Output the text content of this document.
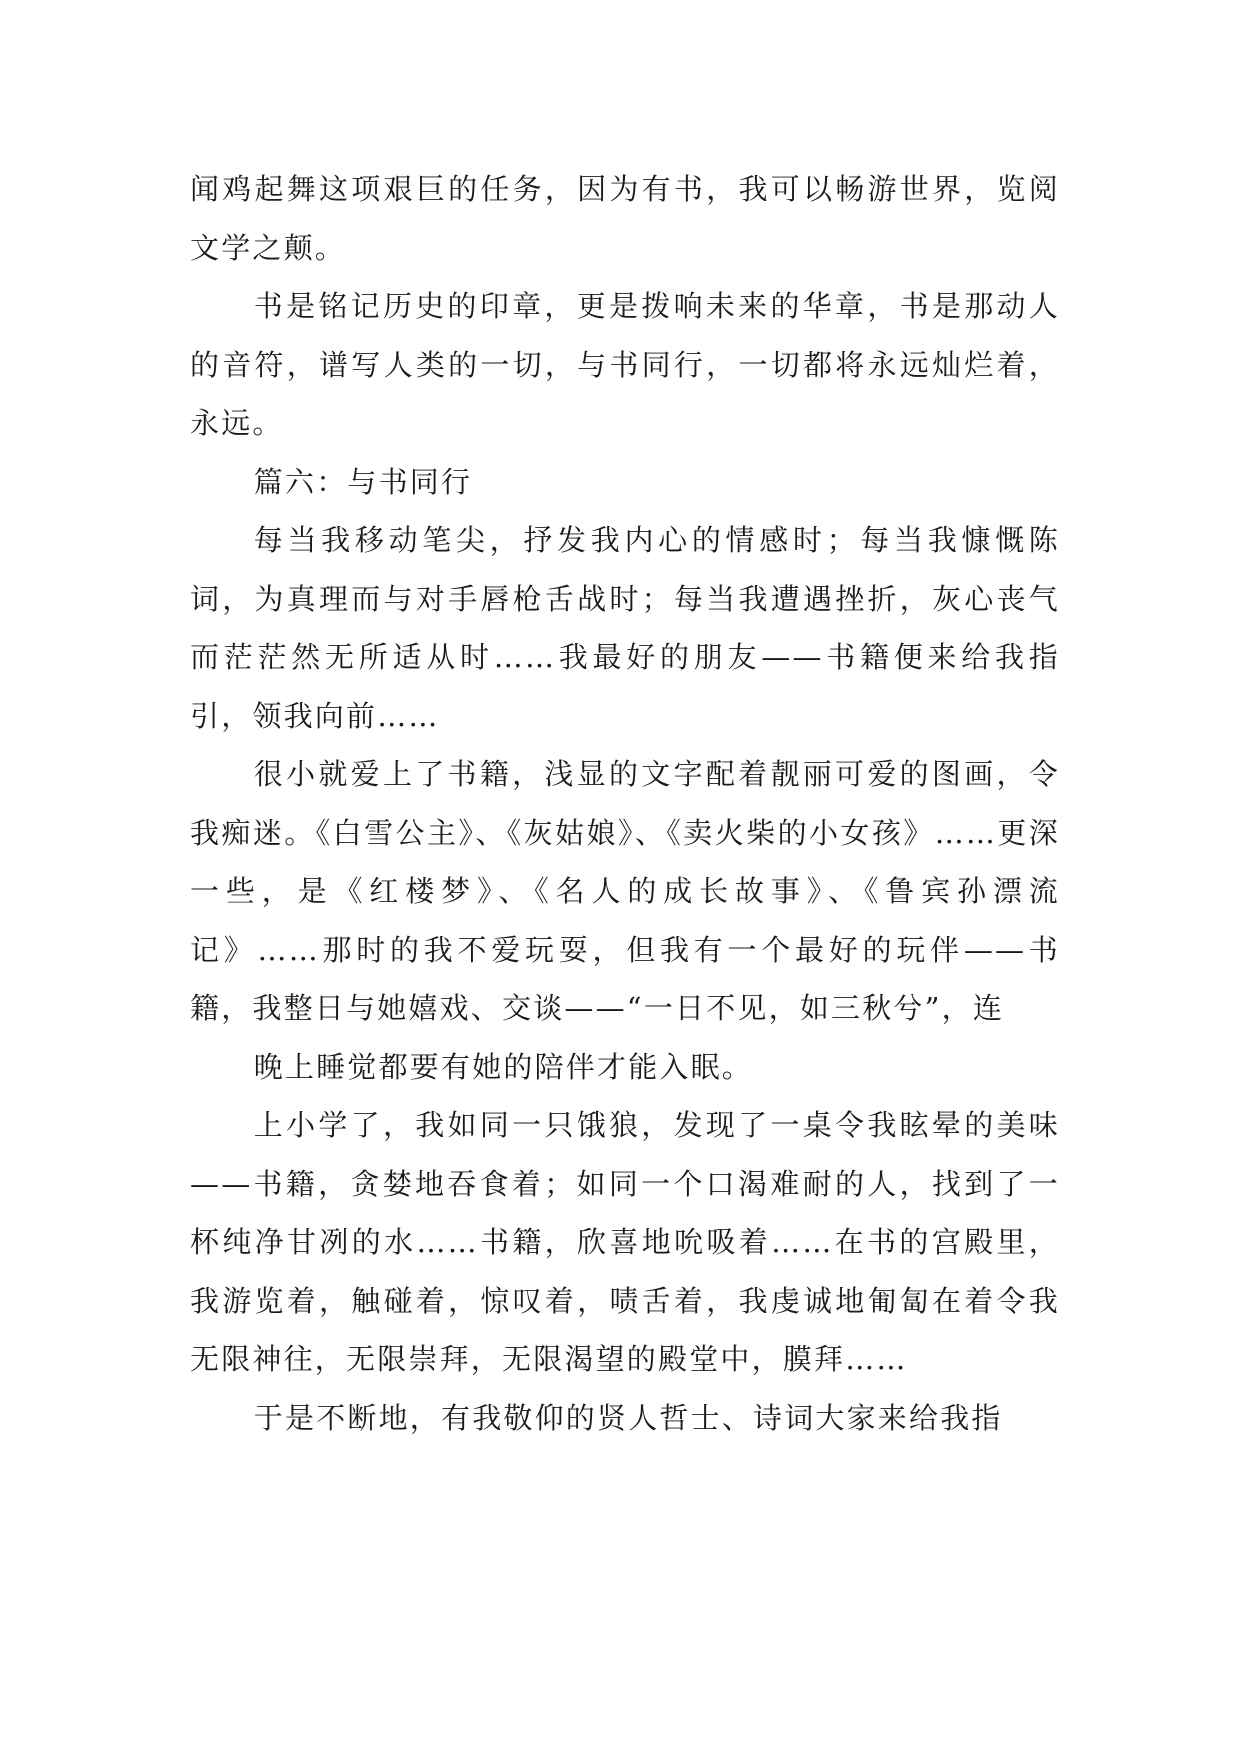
闻鸡起舞这项艰巨的任务，因为有书，我可以畅游世界，览阅文学之颠。

书是铭记历史的印章，更是拨响未来的华章，书是那动人的音符，谱写人类的一切，与书同行，一切都将永远灿烂着，永远。

篇六：与书同行

每当我移动笔尖，抒发我内心的情感时；每当我慷慨陈词，为真理而与对手唇枪舌战时；每当我遭遇挫折，灰心丧气而茫茫然无所适从时……我最好的朋友——书籍便来给我指引，领我向前……

很小就爱上了书籍，浅显的文字配着靓丽可爱的图画，令我痴迷。《白雪公主》、《灰姑娘》、《卖火柴的小女孩》……更深一些，是《红楼梦》、《名人的成长故事》、《鲁宾孙漂流记》……那时的我不爱玩耍，但我有一个最好的玩伴——书籍，我整日与她嬉戏、交谈——“一日不见，如三秋兮”，连

晚上睡觉都要有她的陪伴才能入眠。

上小学了，我如同一只饿狼，发现了一桌令我眩晕的美味——书籍，贪婪地吞食着；如同一个口渴难耐的人，找到了一杯纯净甘冽的水……书籍，欣喜地吮吸着……在书的宫殿里，我游览着，触碰着，惊叹着，啧舌着，我虔诚地匍匐在着令我无限神往，无限崇拜，无限渴望的殿堂中，膜拜……

于是不断地，有我敬仰的贤人哲士、诗词大家来给我指
